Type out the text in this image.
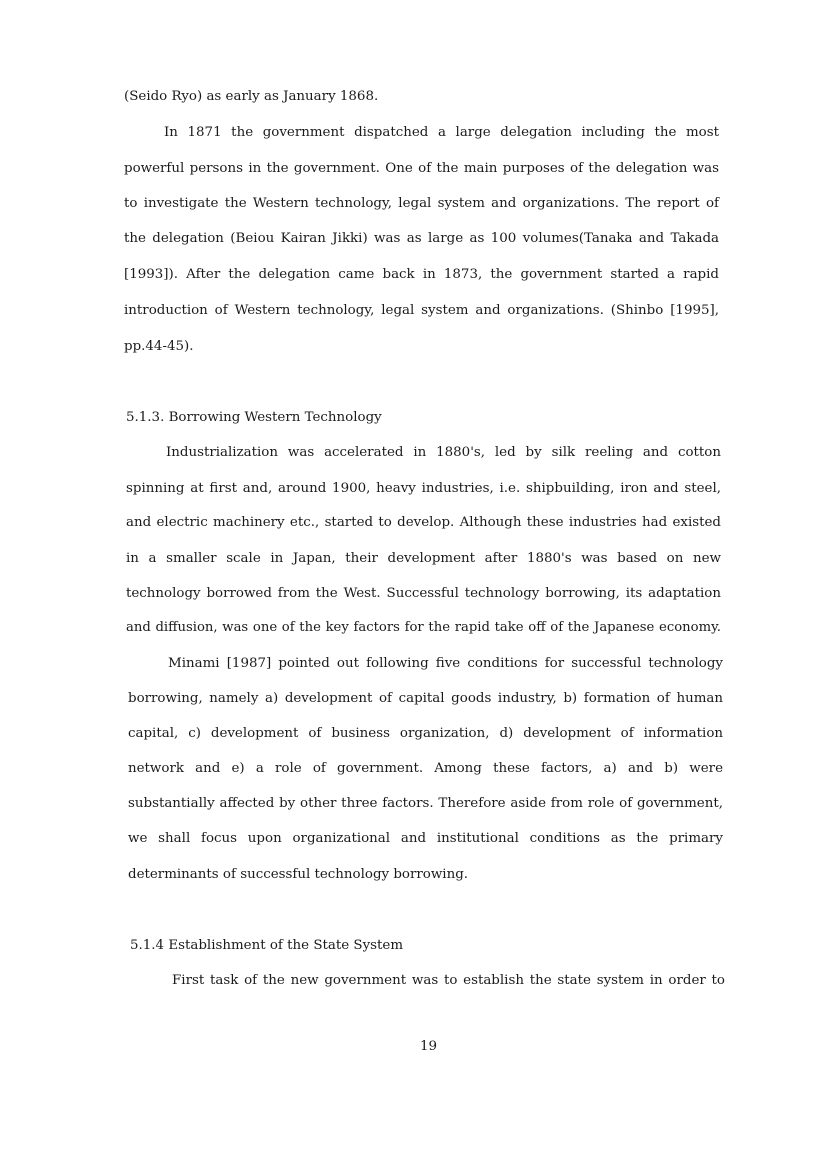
(Seido Ryo) as early as January 1868.
In 1871 the government dispatched a large delegation including the most
powerful persons in the government. One of the main purposes of the delegation was
to investigate the Western technology, legal system and organizations. The report of
the delegation (Beiou Kairan Jikki) was as large as 100 volumes(Tanaka and Takada
[1993]). After the delegation came back in 1873, the government started a rapid
introduction of Western technology, legal system and organizations. (Shinbo [1995],
pp.44-45).
5.1.3. Borrowing Western Technology
Industrialization was accelerated in 1880's, led by silk reeling and cotton
spinning at first and, around 1900, heavy industries, i.e. shipbuilding, iron and steel,
and electric machinery etc., started to develop. Although these industries had existed
in a smaller scale in Japan, their development after 1880's was based on new
technology borrowed from the West. Successful technology borrowing, its adaptation
and diffusion, was one of the key factors for the rapid take off of the Japanese economy.
Minami [1987] pointed out following five conditions for successful technology
borrowing, namely a) development of capital goods industry, b) formation of human
capital, c) development of business organization, d) development of information
network and e) a role of government. Among these factors, a) and b) were
substantially affected by other three factors. Therefore aside from role of government,
we shall focus upon organizational and institutional conditions as the primary
determinants of successful technology borrowing.
5.1.4 Establishment of the State System
First task of the new government was to establish the state system in order to
19
